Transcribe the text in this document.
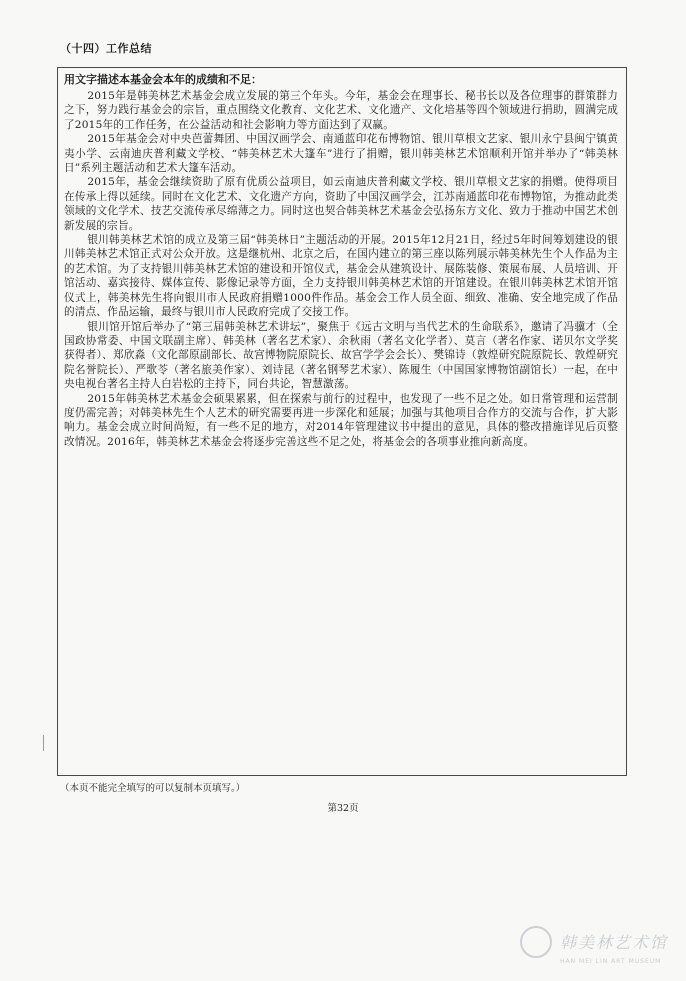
（十四）工作总结
用文字描述本基金会本年的成绩和不足：

2015年是韩美林艺术基金会成立发展的第三个年头。今年，基金会在理事长、秘书长以及各位理事的群策群力之下，努力践行基金会的宗旨，重点围绕文化教育、文化艺术、文化遗产、文化培基等四个领域进行捐助，圆满完成了2015年的工作任务，在公益活动和社会影响力等方面达到了双赢。

2015年基金会对中央芭蕾舞团、中国汉画学会、南通蓝印花布博物馆、银川草根文艺家、银川永宁县闽宁镇黄夷小学、云南迪庆普利藏文学校、“韩美林艺术大篷车”进行了捐赠，银川韩美林艺术馆顺利开馆并举办了“韩美林日”系列主题活动和艺术大篷车活动。

2015年，基金会继续资助了原有优质公益项目，如云南迪庆普利藏文学校、银川草根文艺家的捐赠。使得项目在传承上得以延续。同时在文化艺术、文化遗产方向，资助了中国汉画学会，江苏南通蓝印花布博物馆，为推动此类领域的文化学术、技艺交流传承尽绵薄之力。同时这也契合韩美林艺术基金会弘扬东方文化、致力于推动中国艺术创新发展的宗旨。

银川韩美林艺术馆的成立及第三届“韩美林日”主题活动的开展。2015年12月21日，经过5年时间筹划建设的银川韩美林艺术馆正式对公众开放。这是继杭州、北京之后，在国内建立的第三座以陈列展示韩美林先生个人作品为主的艺术馆。为了支持银川韩美林艺术馆的建设和开馆仪式，基金会从建筑设计、展陈装修、策展布展、人员培训、开馆活动、嘉宾接待、媒体宣传、影像记录等方面，全力支持银川韩美林艺术馆的开馆建设。在银川韩美林艺术馆开馆仪式上，韩美林先生将向银川市人民政府捐赠1000件作品。基金会工作人员全面、细致、准确、安全地完成了作品的清点、作品运输，最终与银川市人民政府完成了交接工作。

银川馆开馆后举办了“第三届韩美林艺术讲坛”，聚焦于《远古文明与当代艺术的生命联系》，邀请了冯骥才（全国政协常委、中国文联副主席）、韩美林（著名艺术家）、余秋雨（著名文化学者）、莫言（著名作家、诺贝尔文学奖获得者）、郑欣淼（文化部原副部长、故宫博物院原院长、故宫学学会会长）、樊锦诗（敦煌研究院原院长、敦煌研究院名誉院长）、严歌苓（著名旅美作家）、刘诗昆（著名钢琴艺术家）、陈履生（中国国家博物馆副馆长）一起，在中央电视台著名主持人白岩松的主持下，同台共论，智慧激荡。

2015年韩美林艺术基金会硕果累累，但在探索与前行的过程中，也发现了一些不足之处。如日常管理和运营制度仍需完善；对韩美林先生个人艺术的研究需要再进一步深化和延展；加强与其他项目合作方的交流与合作，扩大影响力。基金会成立时间尚短，有一些不足的地方，对2014年管理建议书中提出的意见，具体的整改措施详见后页整改情况。2016年，韩美林艺术基金会将逐步完善这些不足之处，将基金会的各项事业推向新高度。

（本页不能完全填写的可以复制本页填写。）
第32页
韩美林艺术馆
HAN MEI LIN ART MUSEUM
